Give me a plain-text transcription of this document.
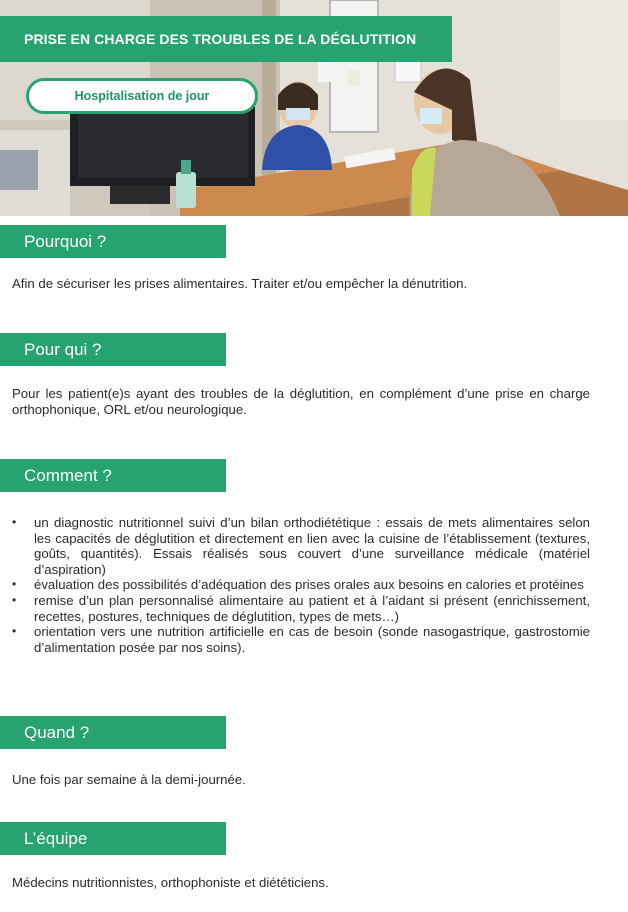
PRISE EN CHARGE DES TROUBLES DE LA DÉGLUTITION
Hospitalisation de jour
Pourquoi ?
Afin de sécuriser les prises alimentaires. Traiter et/ou empêcher la dénutrition.
Pour qui ?
Pour les patient(e)s ayant des troubles de la déglutition, en complément d’une prise en charge orthophonique, ORL et/ou neurologique.
Comment ?
• un diagnostic nutritionnel suivi d’un bilan orthodiététique : essais de mets alimentaires selon les capacités de déglutition et directement en lien avec la cuisine de l’établissement (textures, goûts, quantités). Essais réalisés sous couvert d’une surveillance médicale (matériel d’aspiration)
• évaluation des possibilités d’adéquation des prises orales aux besoins en calories et protéines
• remise d’un plan personnalisé alimentaire au patient et à l’aidant si présent (enrichissement, recettes, postures, techniques de déglutition, types de mets…)
• orientation vers une nutrition artificielle en cas de besoin (sonde nasogastrique, gastrostomie d’alimentation posée par nos soins).
Quand ?
Une fois par semaine à la demi-journée.
L’équipe
Médecins nutritionnistes, orthophoniste et diététiciens.
